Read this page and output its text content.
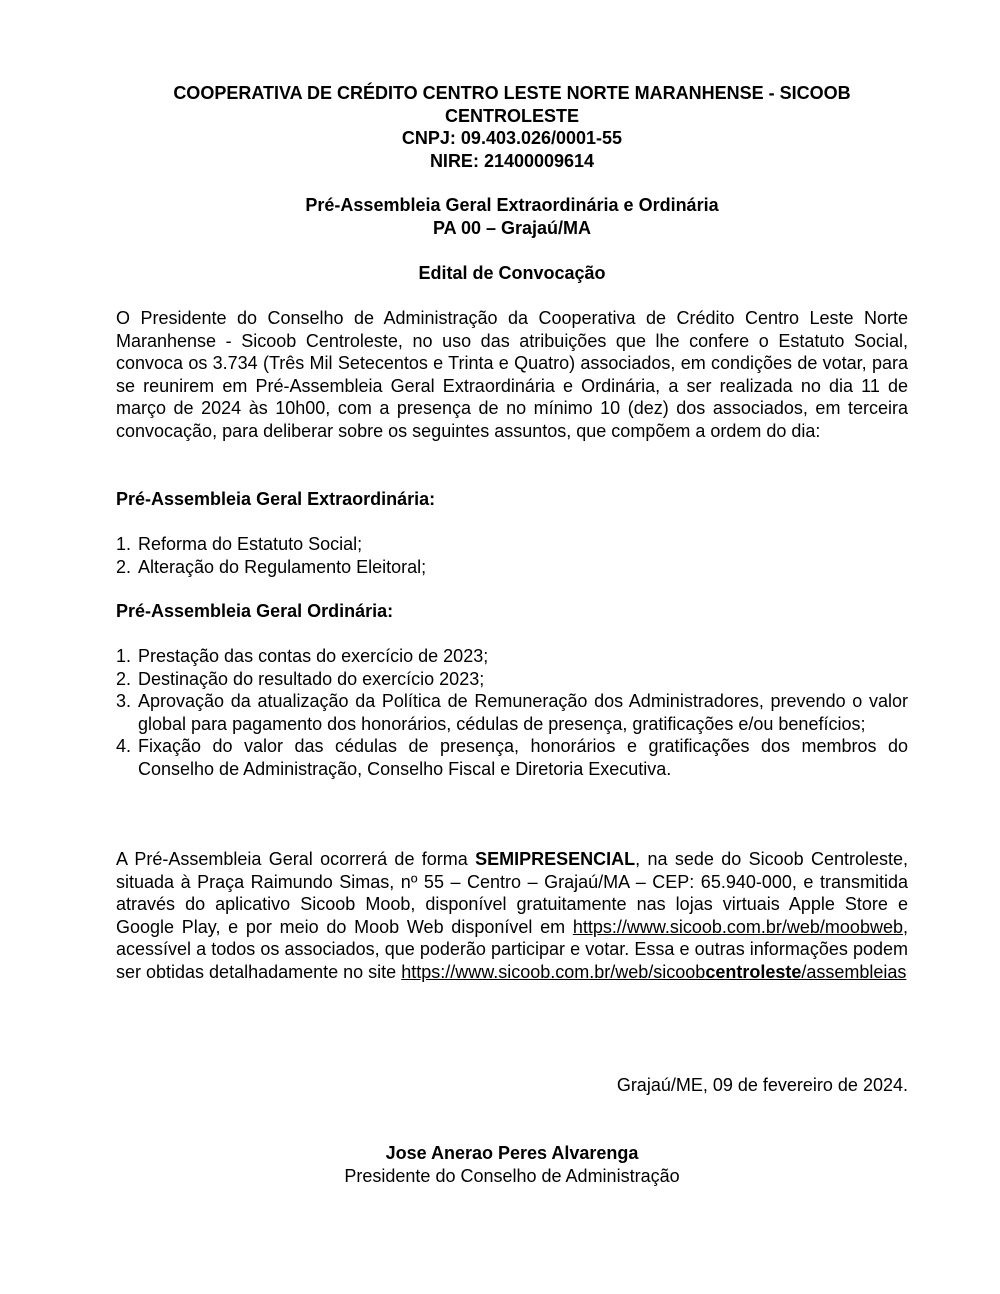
COOPERATIVA DE CRÉDITO CENTRO LESTE NORTE MARANHENSE - SICOOB
CENTROLESTE
CNPJ: 09.403.026/0001-55
NIRE: 21400009614
Pré-Assembleia Geral Extraordinária e Ordinária
PA 00 – Grajaú/MA
Edital de Convocação
O Presidente do Conselho de Administração da Cooperativa de Crédito Centro Leste Norte Maranhense - Sicoob Centroleste, no uso das atribuições que lhe confere o Estatuto Social, convoca os 3.734 (Três Mil Setecentos e Trinta e Quatro) associados, em condições de votar, para se reunirem em Pré-Assembleia Geral Extraordinária e Ordinária, a ser realizada no dia 11 de março de 2024 às 10h00, com a presença de no mínimo 10 (dez) dos associados, em terceira convocação, para deliberar sobre os seguintes assuntos, que compõem a ordem do dia:
Pré-Assembleia Geral Extraordinária:
1. Reforma do Estatuto Social;
2. Alteração do Regulamento Eleitoral;
Pré-Assembleia Geral Ordinária:
1. Prestação das contas do exercício de 2023;
2. Destinação do resultado do exercício 2023;
3. Aprovação da atualização da Política de Remuneração dos Administradores, prevendo o valor global para pagamento dos honorários, cédulas de presença, gratificações e/ou benefícios;
4. Fixação do valor das cédulas de presença, honorários e gratificações dos membros do Conselho de Administração, Conselho Fiscal e Diretoria Executiva.
A Pré-Assembleia Geral ocorrerá de forma SEMIPRESENCIAL, na sede do Sicoob Centroleste, situada à Praça Raimundo Simas, nº 55 – Centro – Grajaú/MA – CEP: 65.940-000, e transmitida através do aplicativo Sicoob Moob, disponível gratuitamente nas lojas virtuais Apple Store e Google Play, e por meio do Moob Web disponível em https://www.sicoob.com.br/web/moobweb, acessível a todos os associados, que poderão participar e votar. Essa e outras informações podem ser obtidas detalhadamente no site https://www.sicoob.com.br/web/sicoobcentroleste/assembleias
Grajaú/ME, 09 de fevereiro de 2024.
Jose Anerao Peres Alvarenga
Presidente do Conselho de Administração
